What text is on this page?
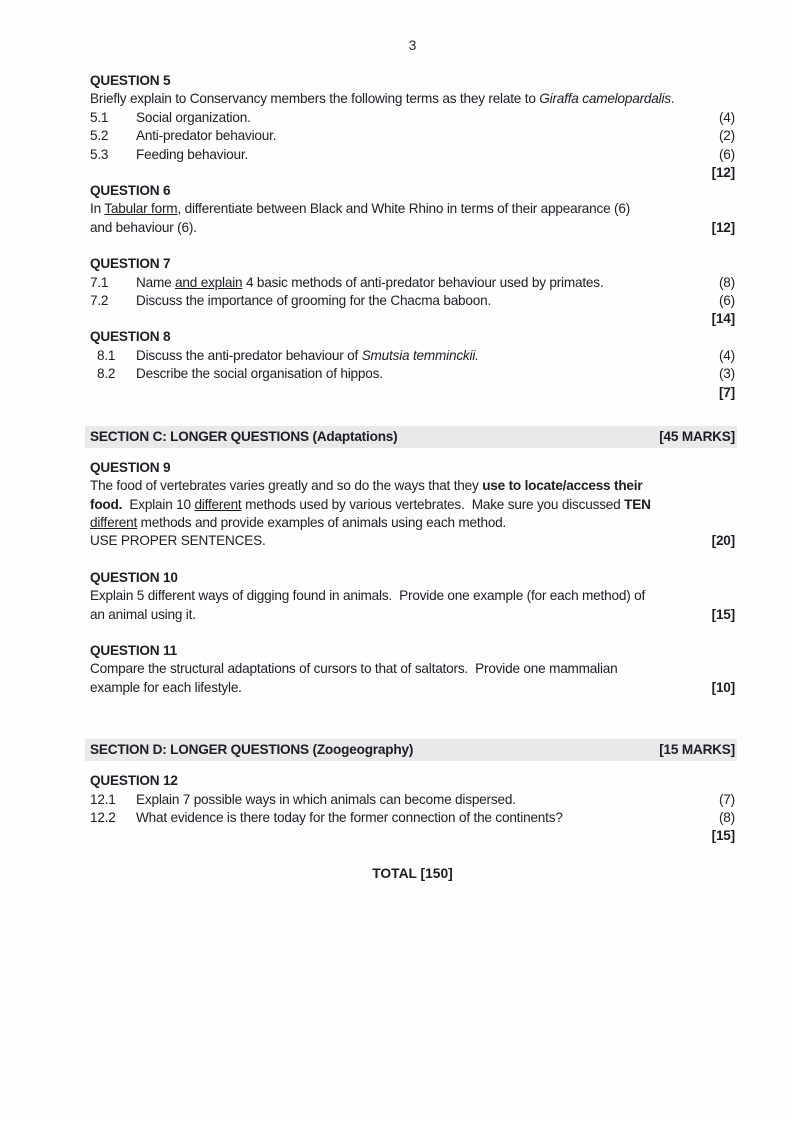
3
QUESTION 5
Briefly explain to Conservancy members the following terms as they relate to Giraffa camelopardalis.
5.1 Social organization.	(4)
5.2 Anti-predator behaviour.	(2)
5.3 Feeding behaviour.	(6)
[12]
QUESTION 6
In Tabular form, differentiate between Black and White Rhino in terms of their appearance (6)
and behaviour (6).	[12]
QUESTION 7
7.1 Name and explain 4 basic methods of anti-predator behaviour used by primates.	(8)
7.2 Discuss the importance of grooming for the Chacma baboon.	(6)
[14]
QUESTION 8
8.1 Discuss the anti-predator behaviour of Smutsia temminckii.	(4)
8.2 Describe the social organisation of hippos.	(3)
[7]
SECTION C: LONGER QUESTIONS (Adaptations)	[45 MARKS]
QUESTION 9
The food of vertebrates varies greatly and so do the ways that they use to locate/access their
food.  Explain 10 different methods used by various vertebrates.  Make sure you discussed TEN
different methods and provide examples of animals using each method.
USE PROPER SENTENCES.	[20]
QUESTION 10
Explain 5 different ways of digging found in animals.  Provide one example (for each method) of
an animal using it.	[15]
QUESTION 11
Compare the structural adaptations of cursors to that of saltators.  Provide one mammalian
example for each lifestyle.	[10]
SECTION D: LONGER QUESTIONS (Zoogeography)	[15 MARKS]
QUESTION 12
12.1 Explain 7 possible ways in which animals can become dispersed.	(7)
12.2 What evidence is there today for the former connection of the continents?	(8)
[15]
TOTAL [150]
